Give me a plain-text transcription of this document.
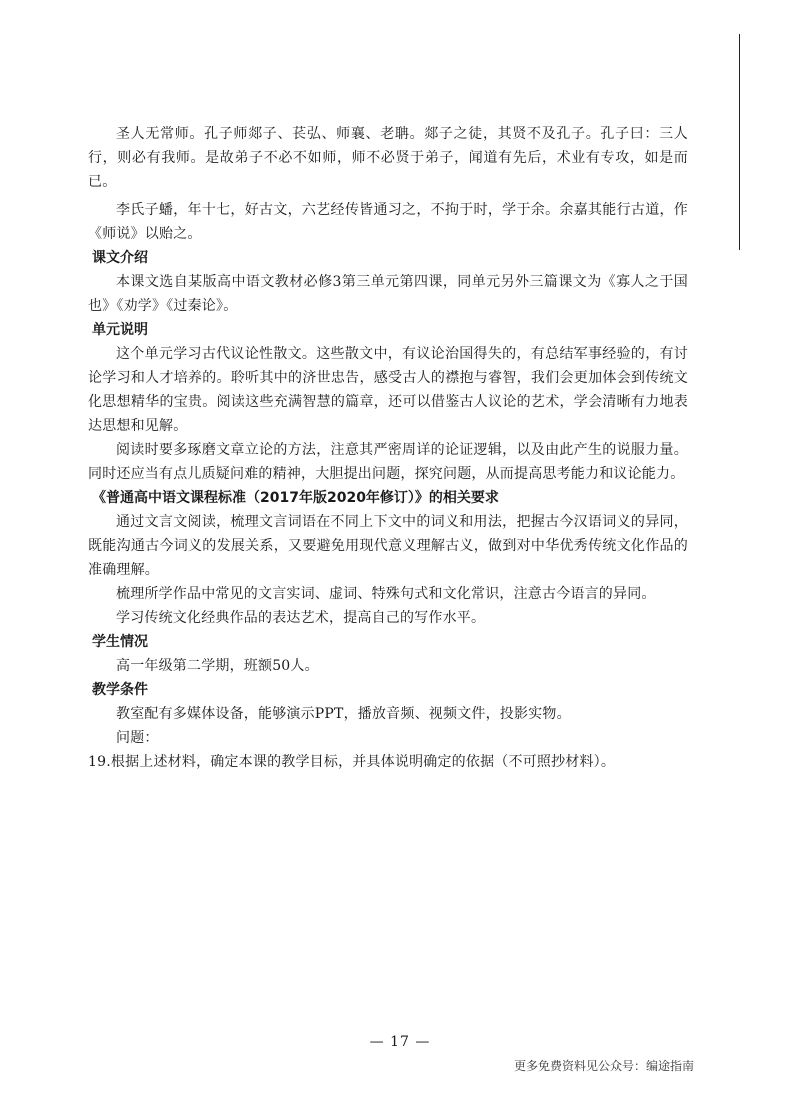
圣人无常师。孔子师郯子、苌弘、师襄、老聃。郯子之徒，其贤不及孔子。孔子曰：三人行，则必有我师。是故弟子不必不如师，师不必贤于弟子，闻道有先后，术业有专攻，如是而已。

李氏子蟠，年十七，好古文，六艺经传皆通习之，不拘于时，学于余。余嘉其能行古道，作《师说》以贻之。

课文介绍

本课文选自某版高中语文教材必修3第三单元第四课，同单元另外三篇课文为《寡人之于国也》《劝学》《过秦论》。

单元说明

这个单元学习古代议论性散文。这些散文中，有议论治国得失的，有总结军事经验的，有讨论学习和人才培养的。聆听其中的济世忠告，感受古人的襟抱与睿智，我们会更加体会到传统文化思想精华的宝贵。阅读这些充满智慧的篇章，还可以借鉴古人议论的艺术，学会清晰有力地表达思想和见解。

阅读时要多琢磨文章立论的方法，注意其严密周详的论证逻辑，以及由此产生的说服力量。同时还应当有点儿质疑问难的精神，大胆提出问题，探究问题，从而提高思考能力和议论能力。

《普通高中语文课程标准（2017年版2020年修订）》的相关要求

通过文言文阅读，梳理文言词语在不同上下文中的词义和用法，把握古今汉语词义的异同，既能沟通古今词义的发展关系，又要避免用现代意义理解古义，做到对中华优秀传统文化作品的准确理解。

梳理所学作品中常见的文言实词、虚词、特殊句式和文化常识，注意古今语言的异同。

学习传统文化经典作品的表达艺术，提高自己的写作水平。

学生情况

高一年级第二学期，班额50人。

教学条件

教室配有多媒体设备，能够演示PPT，播放音频、视频文件，投影实物。

问题：

19.根据上述材料，确定本课的教学目标，并具体说明确定的依据（不可照抄材料）。

— 17 —
更多免费资料见公众号：编途指南
